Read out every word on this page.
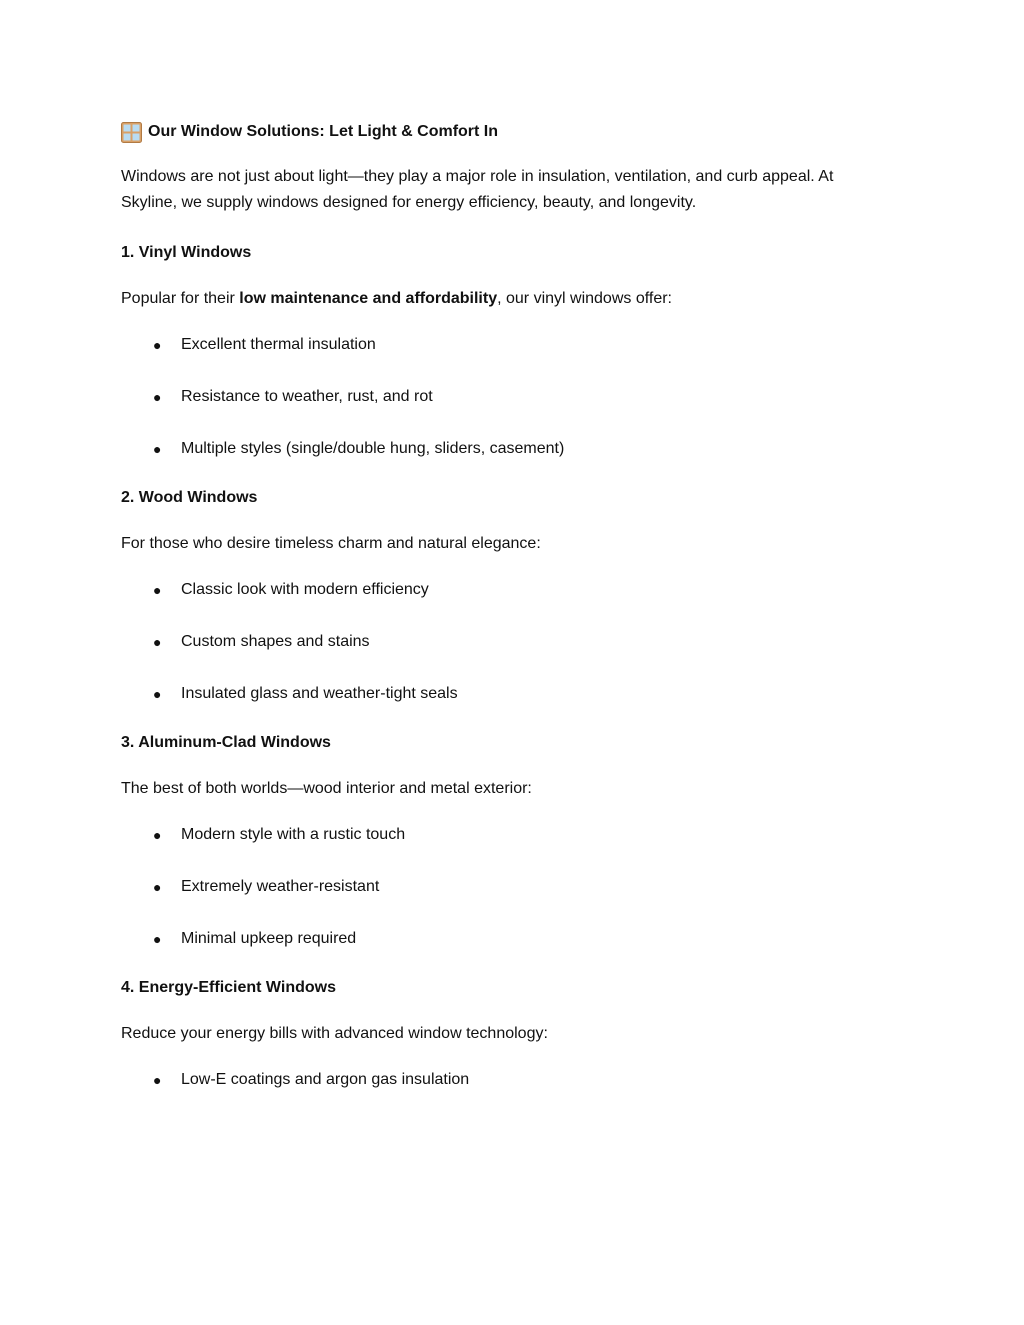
Our Window Solutions: Let Light & Comfort In

Windows are not just about light—they play a major role in insulation, ventilation, and curb appeal. At Skyline, we supply windows designed for energy efficiency, beauty, and longevity.

1. Vinyl Windows

Popular for their low maintenance and affordability, our vinyl windows offer:

● Excellent thermal insulation
● Resistance to weather, rust, and rot
● Multiple styles (single/double hung, sliders, casement)
2. Wood Windows

For those who desire timeless charm and natural elegance:

● Classic look with modern efficiency
● Custom shapes and stains
● Insulated glass and weather-tight seals
3. Aluminum-Clad Windows

The best of both worlds—wood interior and metal exterior:

● Modern style with a rustic touch
● Extremely weather-resistant
● Minimal upkeep required
4. Energy-Efficient Windows

Reduce your energy bills with advanced window technology:

● Low-E coatings and argon gas insulation
